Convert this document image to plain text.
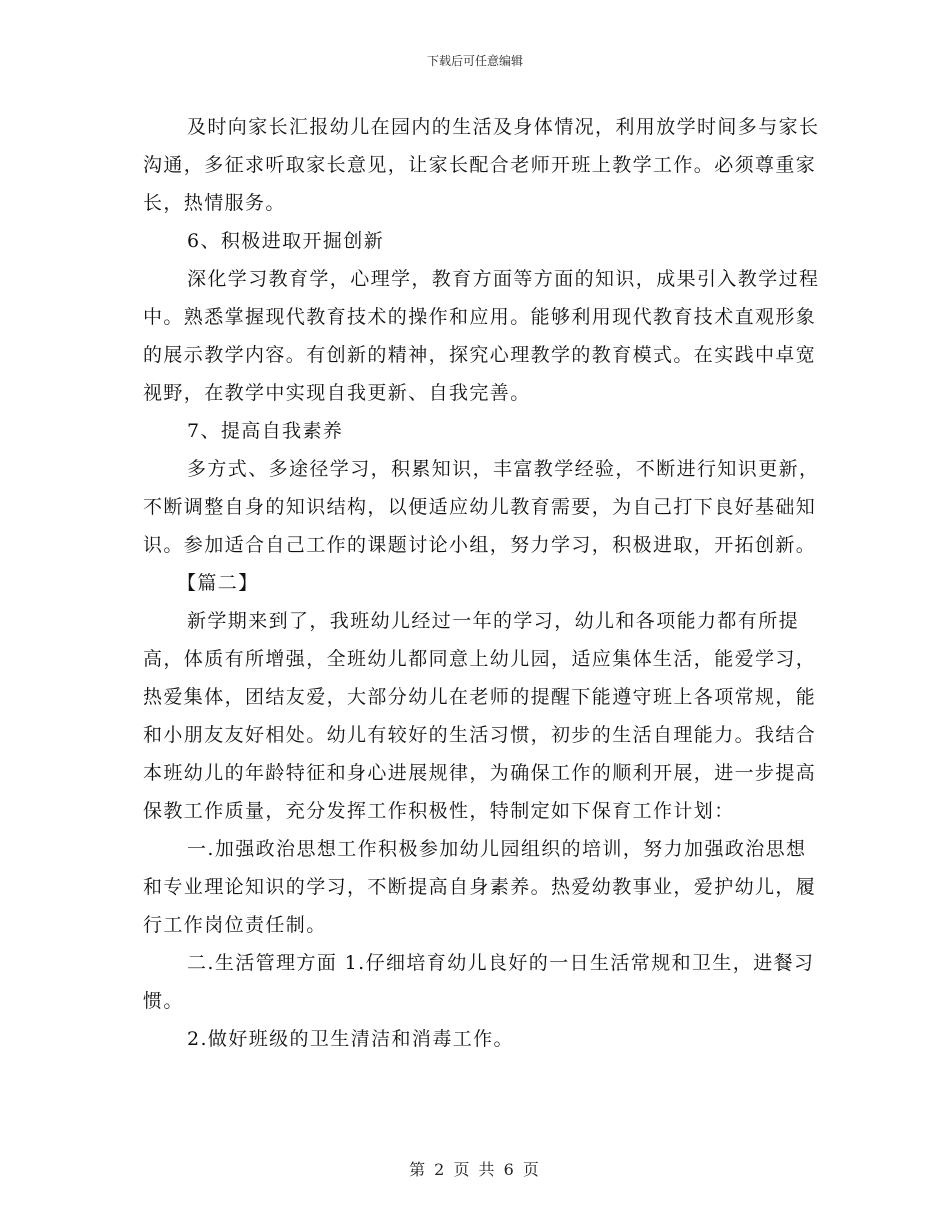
下载后可任意编辑

及时向家长汇报幼儿在园内的生活及身体情况，利用放学时间多与家长沟通，多征求听取家长意见，让家长配合老师开班上教学工作。必须尊重家长，热情服务。

6、积极进取开掘创新

深化学习教育学，心理学，教育方面等方面的知识，成果引入教学过程中。熟悉掌握现代教育技术的操作和应用。能够利用现代教育技术直观形象的展示教学内容。有创新的精神，探究心理教学的教育模式。在实践中卓宽视野，在教学中实现自我更新、自我完善。

7、提高自我素养

多方式、多途径学习，积累知识，丰富教学经验，不断进行知识更新，不断调整自身的知识结构，以便适应幼儿教育需要，为自己打下良好基础知识。参加适合自己工作的课题讨论小组，努力学习，积极进取，开拓创新。

【篇二】

新学期来到了，我班幼儿经过一年的学习，幼儿和各项能力都有所提高，体质有所增强，全班幼儿都同意上幼儿园，适应集体生活，能爱学习，热爱集体，团结友爱，大部分幼儿在老师的提醒下能遵守班上各项常规，能和小朋友友好相处。幼儿有较好的生活习惯，初步的生活自理能力。我结合本班幼儿的年龄特征和身心进展规律，为确保工作的顺利开展，进一步提高保教工作质量，充分发挥工作积极性，特制定如下保育工作计划：

一.加强政治思想工作积极参加幼儿园组织的培训，努力加强政治思想和专业理论知识的学习，不断提高自身素养。热爱幼教事业，爱护幼儿，履行工作岗位责任制。

二.生活管理方面 1.仔细培育幼儿良好的一日生活常规和卫生，进餐习惯。

2.做好班级的卫生清洁和消毒工作。

第 2 页 共 6 页
